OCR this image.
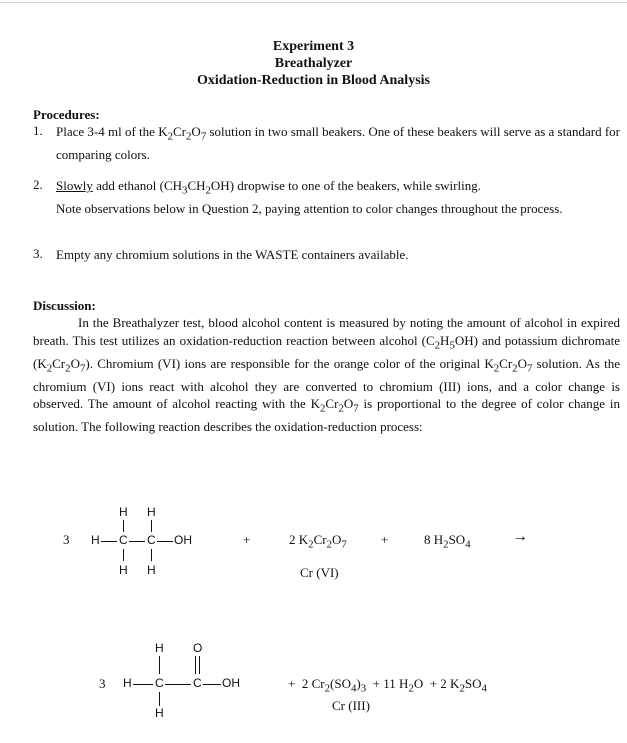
Experiment 3
Breathalyzer
Oxidation-Reduction in Blood Analysis
Procedures:
1. Place 3-4 ml of the $K_2Cr_2O_7$ solution in two small beakers. One of these beakers will serve as a standard for comparing colors.
2. Slowly add ethanol $(CH_3CH_2OH)$ dropwise to one of the beakers, while swirling.
Note observations below in Question 2, paying attention to color changes throughout the process.
3. Empty any chromium solutions in the WASTE containers available.
Discussion:
In the Breathalyzer test, blood alcohol content is measured by noting the amount of alcohol in expired breath. This test utilizes an oxidation-reduction reaction between alcohol $(C_2H_5OH)$ and potassium dichromate $(K_2Cr_2O_7)$. Chromium (VI) ions are responsible for the orange color of the original $K_2Cr_2O_7$ solution. As the chromium (VI) ions react with alcohol they are converted to chromium (III) ions, and a color change is observed. The amount of alcohol reacting with the $K_2Cr_2O_7$ is proportional to the degree of color change in solution. The following reaction describes the oxidation-reduction process:
3
H H
H C C OH
H H
+	2 $K_2Cr_2O_7$	+	8 $H_2SO_4$	→
Cr (VI)
3
H O
H C C OH
H
+  2 $Cr_2(SO_4)_3 + 11$ $H_2O + 2$ $K_2SO_4$
Cr (III)
